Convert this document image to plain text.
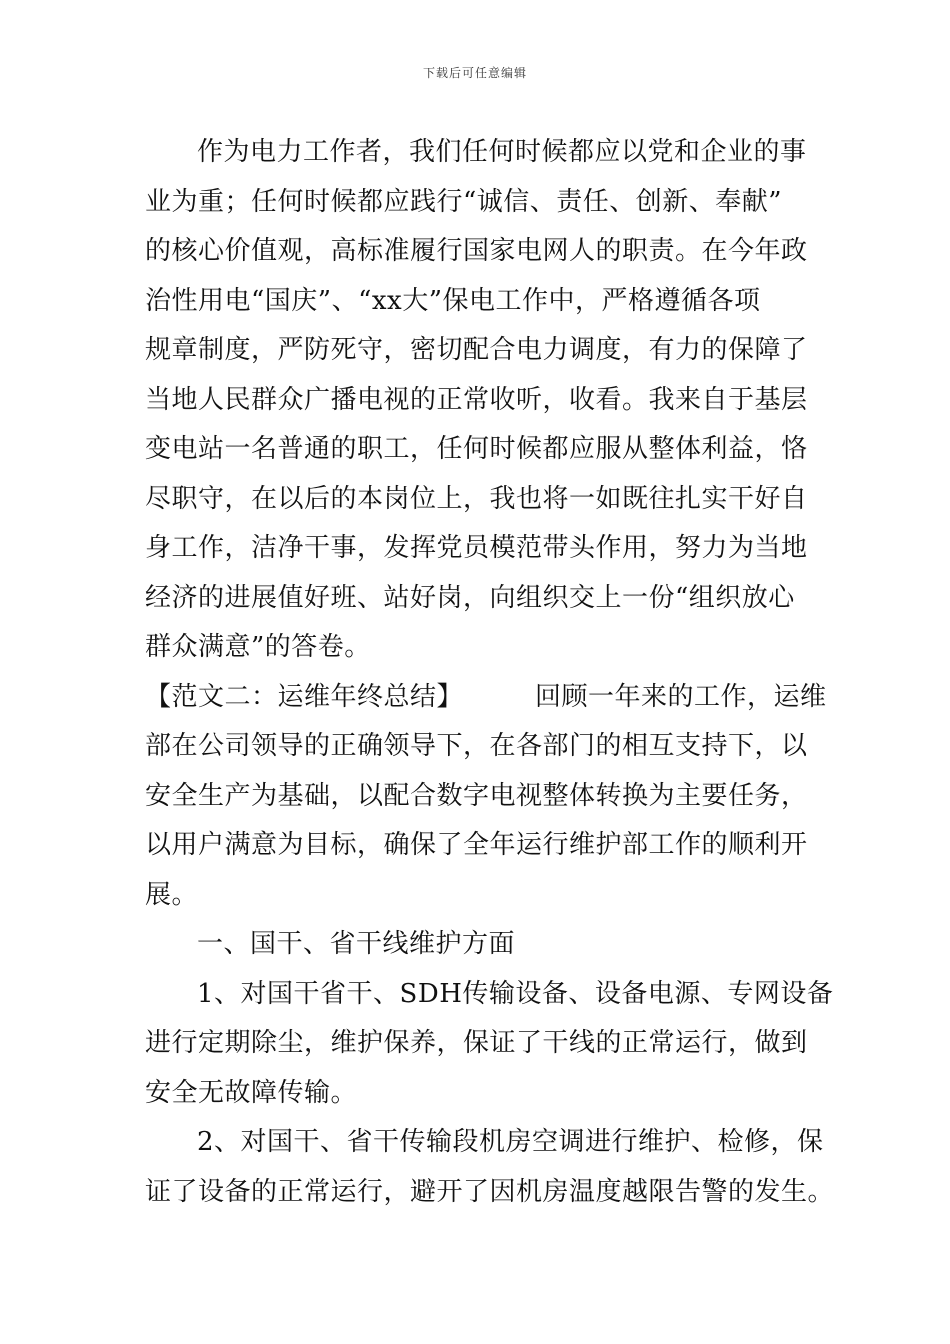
下载后可任意编辑
作为电力工作者，我们任何时候都应以党和企业的事
业为重；任何时候都应践行“诚信、责任、创新、奉献”
的核心价值观，高标准履行国家电网人的职责。在今年政
治性用电“国庆”、“xx大”保电工作中，严格遵循各项
规章制度，严防死守，密切配合电力调度，有力的保障了
当地人民群众广播电视的正常收听，收看。我来自于基层
变电站一名普通的职工，任何时候都应服从整体利益，恪
尽职守，在以后的本岗位上，我也将一如既往扎实干好自
身工作，洁净干事，发挥党员模范带头作用，努力为当地
经济的进展值好班、站好岗，向组织交上一份“组织放心
群众满意”的答卷。
【范文二：运维年终总结】	回顾一年来的工作，运维
部在公司领导的正确领导下，在各部门的相互支持下，以
安全生产为基础，以配合数字电视整体转换为主要任务，
以用户满意为目标，确保了全年运行维护部工作的顺利开
展。
一、国干、省干线维护方面
1、对国干省干、SDH传输设备、设备电源、专网设备
进行定期除尘，维护保养，保证了干线的正常运行，做到
安全无故障传输。
2、对国干、省干传输段机房空调进行维护、检修，保
证了设备的正常运行，避开了因机房温度越限告警的发生。
